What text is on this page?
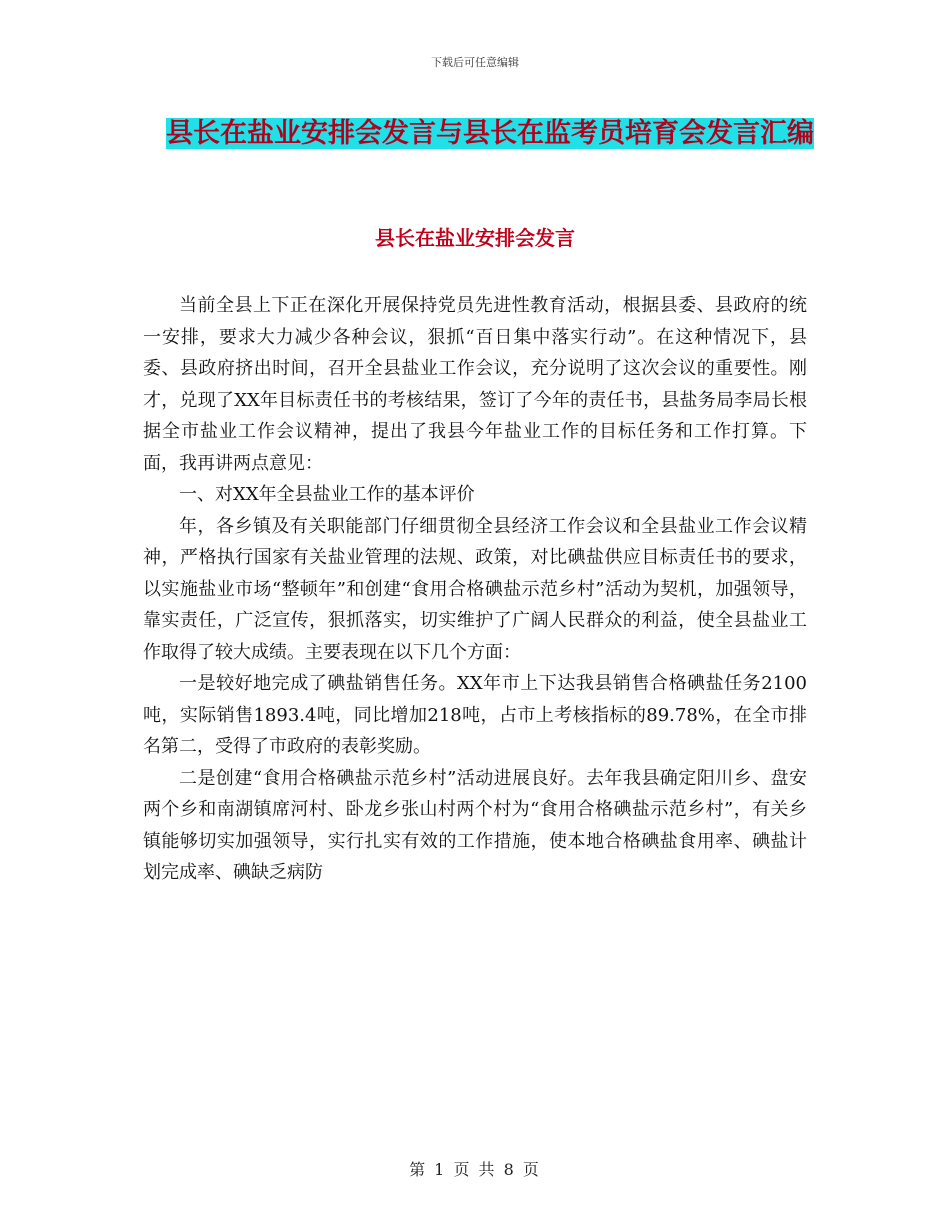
下载后可任意编辑
县长在盐业安排会发言与县长在监考员培育会发言汇编
县长在盐业安排会发言

当前全县上下正在深化开展保持党员先进性教育活动，根据县委、县政府的统一安排，要求大力减少各种会议，狠抓“百日集中落实行动”。在这种情况下，县委、县政府挤出时间，召开全县盐业工作会议，充分说明了这次会议的重要性。刚才，兑现了XX年目标责任书的考核结果，签订了今年的责任书，县盐务局李局长根据全市盐业工作会议精神，提出了我县今年盐业工作的目标任务和工作打算。下面，我再讲两点意见：

一、对XX年全县盐业工作的基本评价

年，各乡镇及有关职能部门仔细贯彻全县经济工作会议和全县盐业工作会议精神，严格执行国家有关盐业管理的法规、政策，对比碘盐供应目标责任书的要求，以实施盐业市场“整顿年”和创建“食用合格碘盐示范乡村”活动为契机，加强领导，靠实责任，广泛宣传，狠抓落实，切实维护了广阔人民群众的利益，使全县盐业工作取得了较大成绩。主要表现在以下几个方面：

一是较好地完成了碘盐销售任务。XX年市上下达我县销售合格碘盐任务2100吨，实际销售1893.4吨，同比增加218吨，占市上考核指标的89.78%，在全市排名第二，受得了市政府的表彰奖励。

二是创建“食用合格碘盐示范乡村”活动进展良好。去年我县确定阳川乡、盘安两个乡和南湖镇席河村、卧龙乡张山村两个村为“食用合格碘盐示范乡村”，有关乡镇能够切实加强领导，实行扎实有效的工作措施，使本地合格碘盐食用率、碘盐计划完成率、碘缺乏病防

第 1 页 共 8 页
